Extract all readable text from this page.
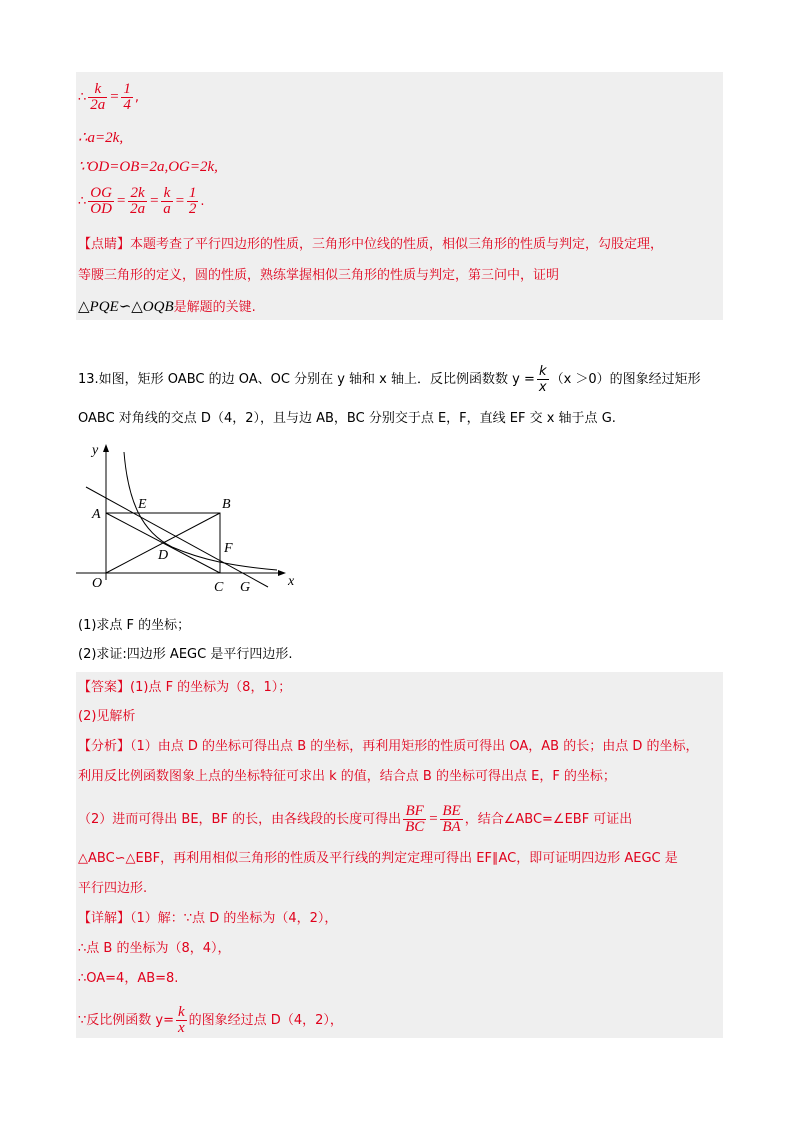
∴ $\frac{k}{2a} = \frac{1}{4}$ ,
∴a=2k,
∵OD=OB=2a,OG=2k,
∴ $\frac{OG}{OD} = \frac{2k}{2a} = \frac{k}{a} = \frac{1}{2}$ .
【点睛】本题考查了平行四边形的性质，三角形中位线的性质，相似三角形的性质与判定，勾股定理，
等腰三角形的定义，圆的性质，熟练掌握相似三角形的性质与判定，第三问中，证明
△PQE∽△OQB是解题的关键.
13.如图，矩形 OABC 的边 OA、OC 分别在 y 轴和 x 轴上．反比例函数数 $y = \frac{k}{x} (x >0)$的图象经过矩形
OABC 对角线的交点 D（4，2），且与边 AB，BC 分别交于点 E，F，直线 EF 交 x 轴于点 G.
y
x
A
B
E
D	F
O	C G
(1)求点 F 的坐标；
(2)求证:四边形 AEGC 是平行四边形.
【答案】(1)点 F 的坐标为（8，1）；
(2)见解析
【分析】（1）由点 D 的坐标可得出点 B 的坐标，再利用矩形的性质可得出 OA，AB 的长；由点 D 的坐标，
利用反比例函数图象上点的坐标特征可求出 k 的值，结合点 B 的坐标可得出点 E，F 的坐标；
（2）进而可得出 BE，BF 的长，由各线段的长度可得出 $\frac{BF}{BC} = \frac{BE}{BA}$ ，结合∠ABC=∠EBF 可证出
△ABC∽△EBF，再利用相似三角形的性质及平行线的判定定理可得出 EF∥AC，即可证明四边形 AEGC 是
平行四边形.
【详解】（1）解：∵点 D 的坐标为（4，2），
∴点 B 的坐标为（8，4），
∴OA=4，AB=8.
∵反比例函数 $y= \frac{k}{x}$ 的图象经过点 D（4，2），
